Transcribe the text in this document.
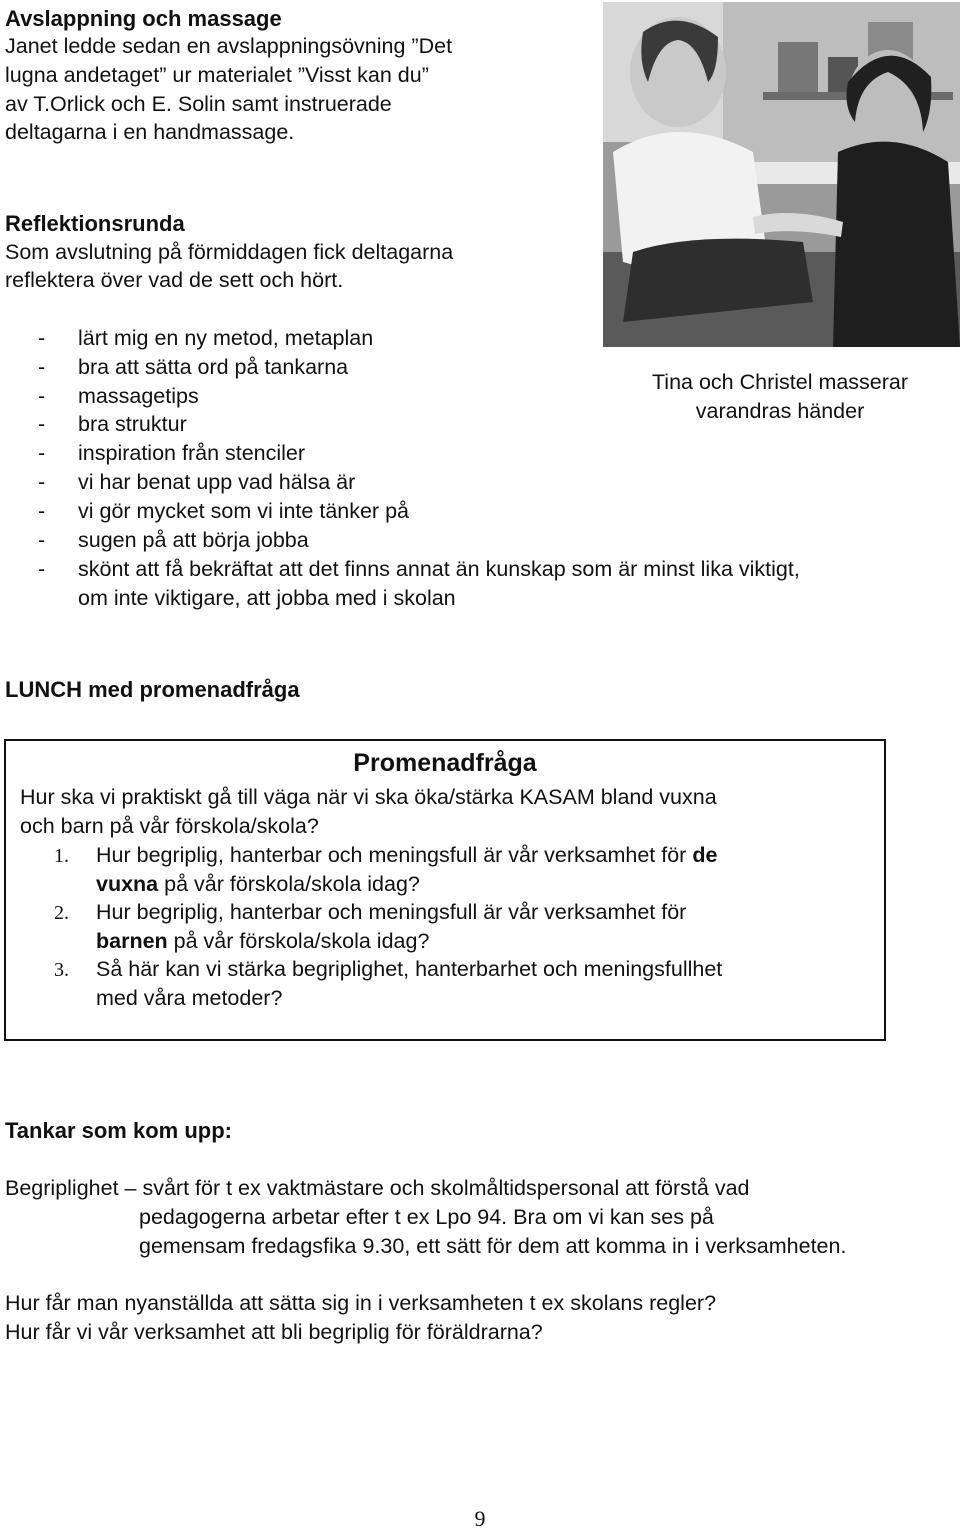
Avslappning och massage
Janet ledde sedan en avslappningsövning ”Det
lugna andetaget” ur materialet ”Visst kan du”
av T.Orlick och E. Solin samt instruerade
deltagarna i en handmassage.
Reflektionsrunda
Som avslutning på förmiddagen fick deltagarna
reflektera över vad de sett och hört.
Tina och Christel masserar
varandras händer
- lärt mig en ny metod, metaplan
- bra att sätta ord på tankarna
- massagetips
- bra struktur
- inspiration från stenciler
- vi har benat upp vad hälsa är
- vi gör mycket som vi inte tänker på
- sugen på att börja jobba
- skönt att få bekräftat att det finns annat än kunskap som är minst lika viktigt,
om inte viktigare, att jobba med i skolan
LUNCH med promenadfråga
Promenadfråga
Hur ska vi praktiskt gå till väga när vi ska öka/stärka KASAM bland vuxna
och barn på vår förskola/skola?
1. Hur begriplig, hanterbar och meningsfull är vår verksamhet för de
vuxna på vår förskola/skola idag?
2. Hur begriplig, hanterbar och meningsfull är vår verksamhet för
barnen på vår förskola/skola idag?
3. Så här kan vi stärka begriplighet, hanterbarhet och meningsfullhet
med våra metoder?
Tankar som kom upp:
Begriplighet – svårt för t ex vaktmästare och skolmåltidspersonal att förstå vad
pedagogerna arbetar efter t ex Lpo 94. Bra om vi kan ses på
gemensam fredagsfika 9.30, ett sätt för dem att komma in i verksamheten.
Hur får man nyanställda att sätta sig in i verksamheten t ex skolans regler?
Hur får vi vår verksamhet att bli begriplig för föräldrarna?
9
